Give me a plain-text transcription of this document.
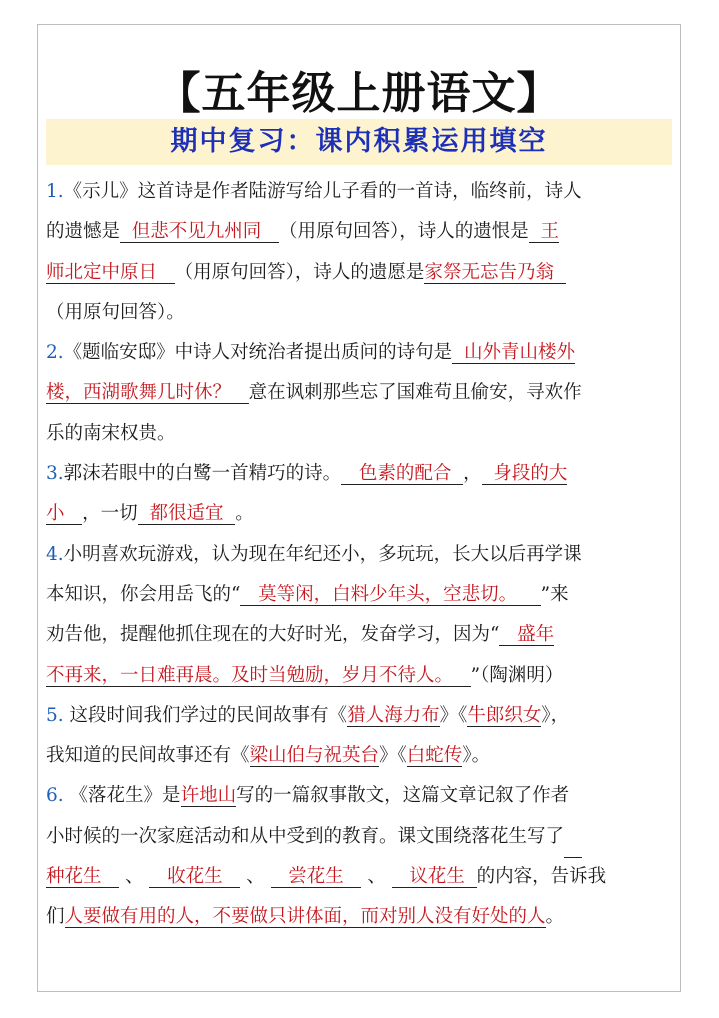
【五年级上册语文】
期中复习：课内积累运用填空
1.《示儿》这首诗是作者陆游写给儿子看的一首诗，临终前，诗人
的遗憾是 但悲不见九州同 （用原句回答），诗人的遗恨是 王
师北定中原日 （用原句回答），诗人的遗愿是家祭无忘告乃翁
（用原句回答）。
2.《题临安邸》中诗人对统治者提出质问的诗句是 山外青山楼外
楼，西湖歌舞几时休？ 意在讽刺那些忘了国难苟且偷安，寻欢作
乐的南宋权贵。
3.郭沫若眼中的白鹭一首精巧的诗。 色素的配合 ， 身段的大
小 ，一切 都很适宜 。
4.小明喜欢玩游戏，认为现在年纪还小，多玩玩，长大以后再学课
本知识，你会用岳飞的“ 莫等闲，白料少年头，空悲切。 ”来
劝告他，提醒他抓住现在的大好时光，发奋学习，因为“ 盛年
不再来，一日难再晨。及时当勉励，岁月不待人。 ”（陶渊明）
5. 这段时间我们学过的民间故事有《猎人海力布》《牛郎织女》，
我知道的民间故事还有《梁山伯与祝英台》《白蛇传》。
6. 《落花生》是许地山写的一篇叙事散文，这篇文章记叙了作者
小时候的一次家庭活动和从中受到的教育。课文围绕落花生写了
种花生 、 收花生 、 尝花生 、 议花生 的内容，告诉我
们人要做有用的人，不要做只讲体面，而对别人没有好处的人。
